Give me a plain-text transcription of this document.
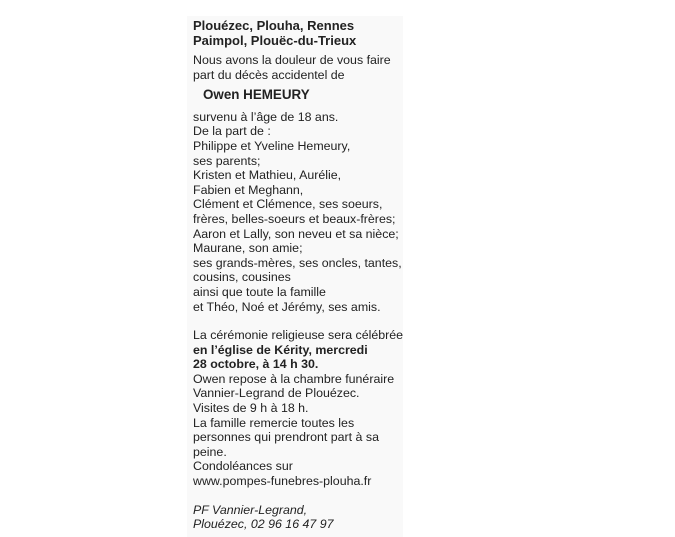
Plouézec, Plouha, Rennes
Paimpol, Plouëc-du-Trieux
Nous avons la douleur de vous faire
part du décès accidentel de
Owen HEMEURY
survenu à l’âge de 18 ans.
De la part de :
Philippe et Yveline Hemeury,
ses parents;
Kristen et Mathieu, Aurélie,
Fabien et Meghann,
Clément et Clémence, ses soeurs,
frères, belles-soeurs et beaux-frères;
Aaron et Lally, son neveu et sa nièce;
Maurane, son amie;
ses grands-mères, ses oncles, tantes,
cousins, cousines
ainsi que toute la famille
et Théo, Noé et Jérémy, ses amis.
La cérémonie religieuse sera célébrée
en l’église de Kérity, mercredi
28 octobre, à 14 h 30.
Owen repose à la chambre funéraire
Vannier-Legrand de Plouézec.
Visites de 9 h à 18 h.
La famille remercie toutes les
personnes qui prendront part à sa
peine.
Condoléances sur
www.pompes-funebres-plouha.fr
PF Vannier-Legrand,
Plouézec, 02 96 16 47 97
